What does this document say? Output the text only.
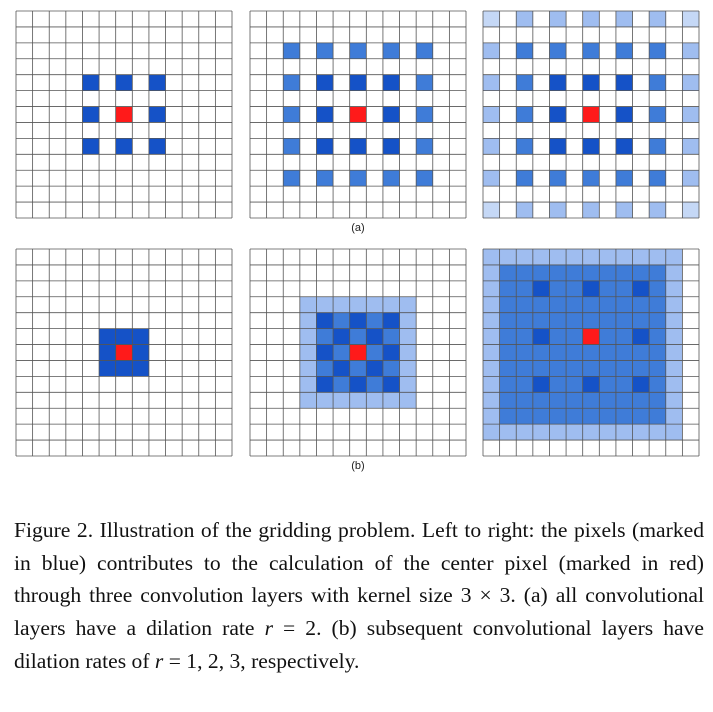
(a)
(b)
Figure 2. Illustration of the gridding problem. Left to right: the pixels (marked in blue) contributes to the calculation of the center pixel (marked in red) through three convolution layers with kernel size 3 × 3. (a) all convolutional layers have a dilation rate r = 2. (b) subsequent convolutional layers have dilation rates of r = 1, 2, 3, respectively.
